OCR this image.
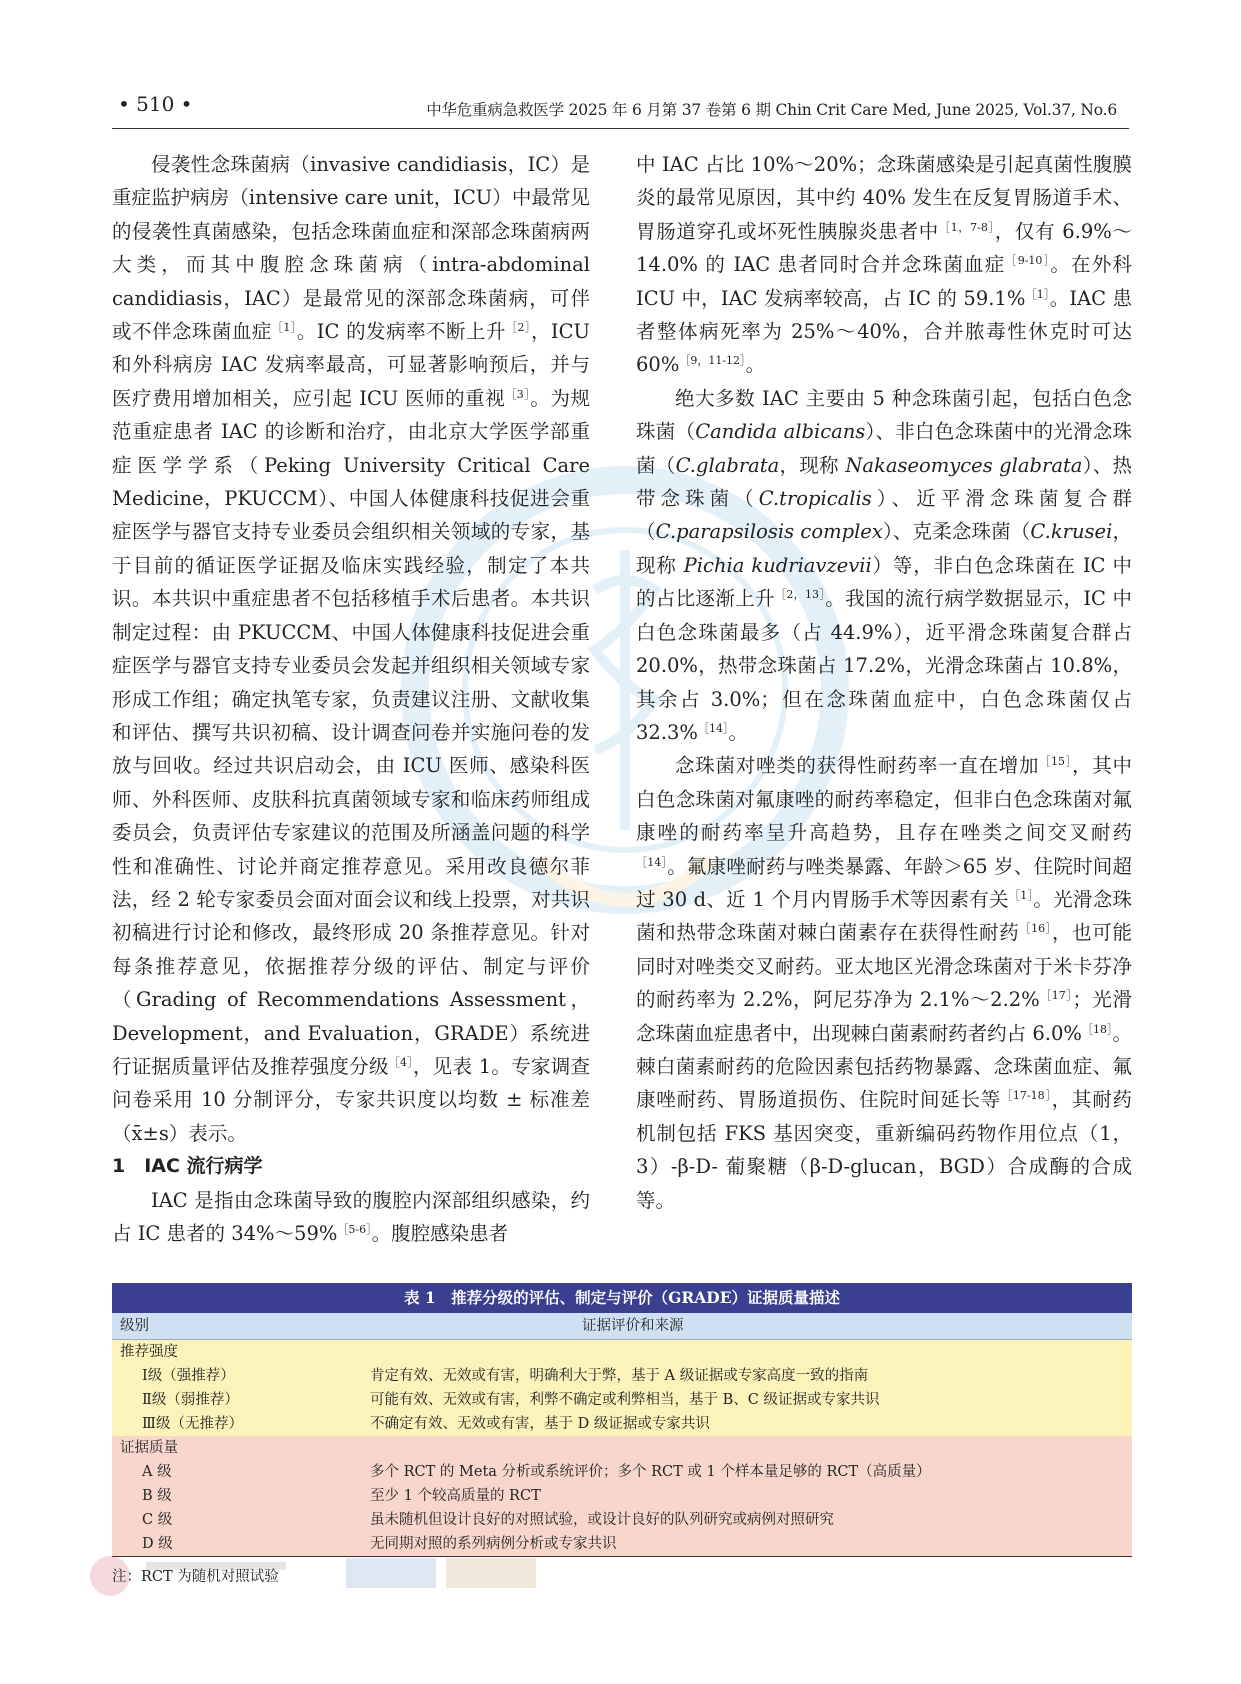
• 510 •	中华危重病急救医学 2025 年 6 月第 37 卷第 6 期 Chin Crit Care Med, June 2025, Vol.37, No.6

侵袭性念珠菌病（invasive candidiasis，IC）是重症监护病房（intensive care unit，ICU）中最常见的侵袭性真菌感染，包括念珠菌血症和深部念珠菌病两大类，而其中腹腔念珠菌病（intra-abdominal candidiasis，IAC）是最常见的深部念珠菌病，可伴或不伴念珠菌血症$^{[1]}$。IC 的发病率不断上升$^{[2]}$，ICU 和外科病房 IAC 发病率最高，可显著影响预后，并与医疗费用增加相关，应引起 ICU 医师的重视$^{[3]}$。为规范重症患者 IAC 的诊断和治疗，由北京大学医学部重症医学学系（Peking University Critical Care Medicine，PKUCCM）、中国人体健康科技促进会重症医学与器官支持专业委员会组织相关领域的专家，基于目前的循证医学证据及临床实践经验，制定了本共识。本共识中重症患者不包括移植手术后患者。本共识制定过程：由 PKUCCM、中国人体健康科技促进会重症医学与器官支持专业委员会发起并组织相关领域专家形成工作组；确定执笔专家，负责建议注册、文献收集和评估、撰写共识初稿、设计调查问卷并实施问卷的发放与回收。经过共识启动会，由 ICU 医师、感染科医师、外科医师、皮肤科抗真菌领域专家和临床药师组成委员会，负责评估专家建议的范围及所涵盖问题的科学性和准确性、讨论并商定推荐意见。采用改良德尔菲法，经 2 轮专家委员会面对面会议和线上投票，对共识初稿进行讨论和修改，最终形成 20 条推荐意见。针对每条推荐意见，依据推荐分级的评估、制定与评价（Grading of Recommendations Assessment，Development，and Evaluation，GRADE）系统进行证据质量评估及推荐强度分级$^{[4]}$，见表 1。专家调查问卷采用 10 分制评分，专家共识度以均数 ± 标准差（x̄±s）表示。

1　IAC 流行病学

IAC 是指由念珠菌导致的腹腔内深部组织感染，约占 IC 患者的 34%～59%$^{[5-6]}$。腹腔感染患者

中 IAC 占比 10%～20%；念珠菌感染是引起真菌性腹膜炎的最常见原因，其中约 40% 发生在反复胃肠道手术、胃肠道穿孔或坏死性胰腺炎患者中$^{[1,7-8]}$，仅有 6.9%～14.0% 的 IAC 患者同时合并念珠菌血症$^{[9-10]}$。在外科 ICU 中，IAC 发病率较高，占 IC 的 59.1%$^{[1]}$。IAC 患者整体病死率为 25%～40%，合并脓毒性休克时可达 60%$^{[9,11-12]}$。

绝大多数 IAC 主要由 5 种念珠菌引起，包括白色念珠菌（Candida albicans）、非白色念珠菌中的光滑念珠菌（C.glabrata，现称 Nakaseomyces glabrata）、热带念珠菌（C.tropicalis）、近平滑念珠菌复合群（C.parapsilosis complex）、克柔念珠菌（C.krusei，现称 Pichia kudriavzevii）等，非白色念珠菌在 IC 中的占比逐渐上升$^{[2,13]}$。我国的流行病学数据显示，IC 中白色念珠菌最多（占 44.9%），近平滑念珠菌复合群占 20.0%，热带念珠菌占 17.2%，光滑念珠菌占 10.8%，其余占 3.0%；但在念珠菌血症中，白色念珠菌仅占 32.3%$^{[14]}$。

念珠菌对唑类的获得性耐药率一直在增加$^{[15]}$，其中白色念珠菌对氟康唑的耐药率稳定，但非白色念珠菌对氟康唑的耐药率呈升高趋势，且存在唑类之间交叉耐药$^{[14]}$。氟康唑耐药与唑类暴露、年龄＞65 岁、住院时间超过 30 d、近 1 个月内胃肠手术等因素有关$^{[1]}$。光滑念珠菌和热带念珠菌对棘白菌素存在获得性耐药$^{[16]}$，也可能同时对唑类交叉耐药。亚太地区光滑念珠菌对于米卡芬净的耐药率为 2.2%，阿尼芬净为 2.1%～2.2%$^{[17]}$；光滑念珠菌血症患者中，出现棘白菌素耐药者约占 6.0%$^{[18]}$。棘白菌素耐药的危险因素包括药物暴露、念珠菌血症、氟康唑耐药、胃肠道损伤、住院时间延长等$^{[17-18]}$，其耐药机制包括 FKS 基因突变，重新编码药物作用位点（1，3）-β-D- 葡聚糖（β-D-glucan，BGD）合成酶的合成等。

表 1　推荐分级的评估、制定与评价（GRADE）证据质量描述
级别	证据评价和来源
推荐强度
Ⅰ级（强推荐）	肯定有效、无效或有害，明确利大于弊，基于 A 级证据或专家高度一致的指南
Ⅱ级（弱推荐）	可能有效、无效或有害，利弊不确定或利弊相当，基于 B、C 级证据或专家共识
Ⅲ级（无推荐）	不确定有效、无效或有害，基于 D 级证据或专家共识
证据质量
A 级	多个 RCT 的 Meta 分析或系统评价；多个 RCT 或 1 个样本量足够的 RCT（高质量）
B 级	至少 1 个较高质量的 RCT
C 级	虽未随机但设计良好的对照试验，或设计良好的队列研究或病例对照研究
D 级	无同期对照的系列病例分析或专家共识
注：RCT 为随机对照试验
